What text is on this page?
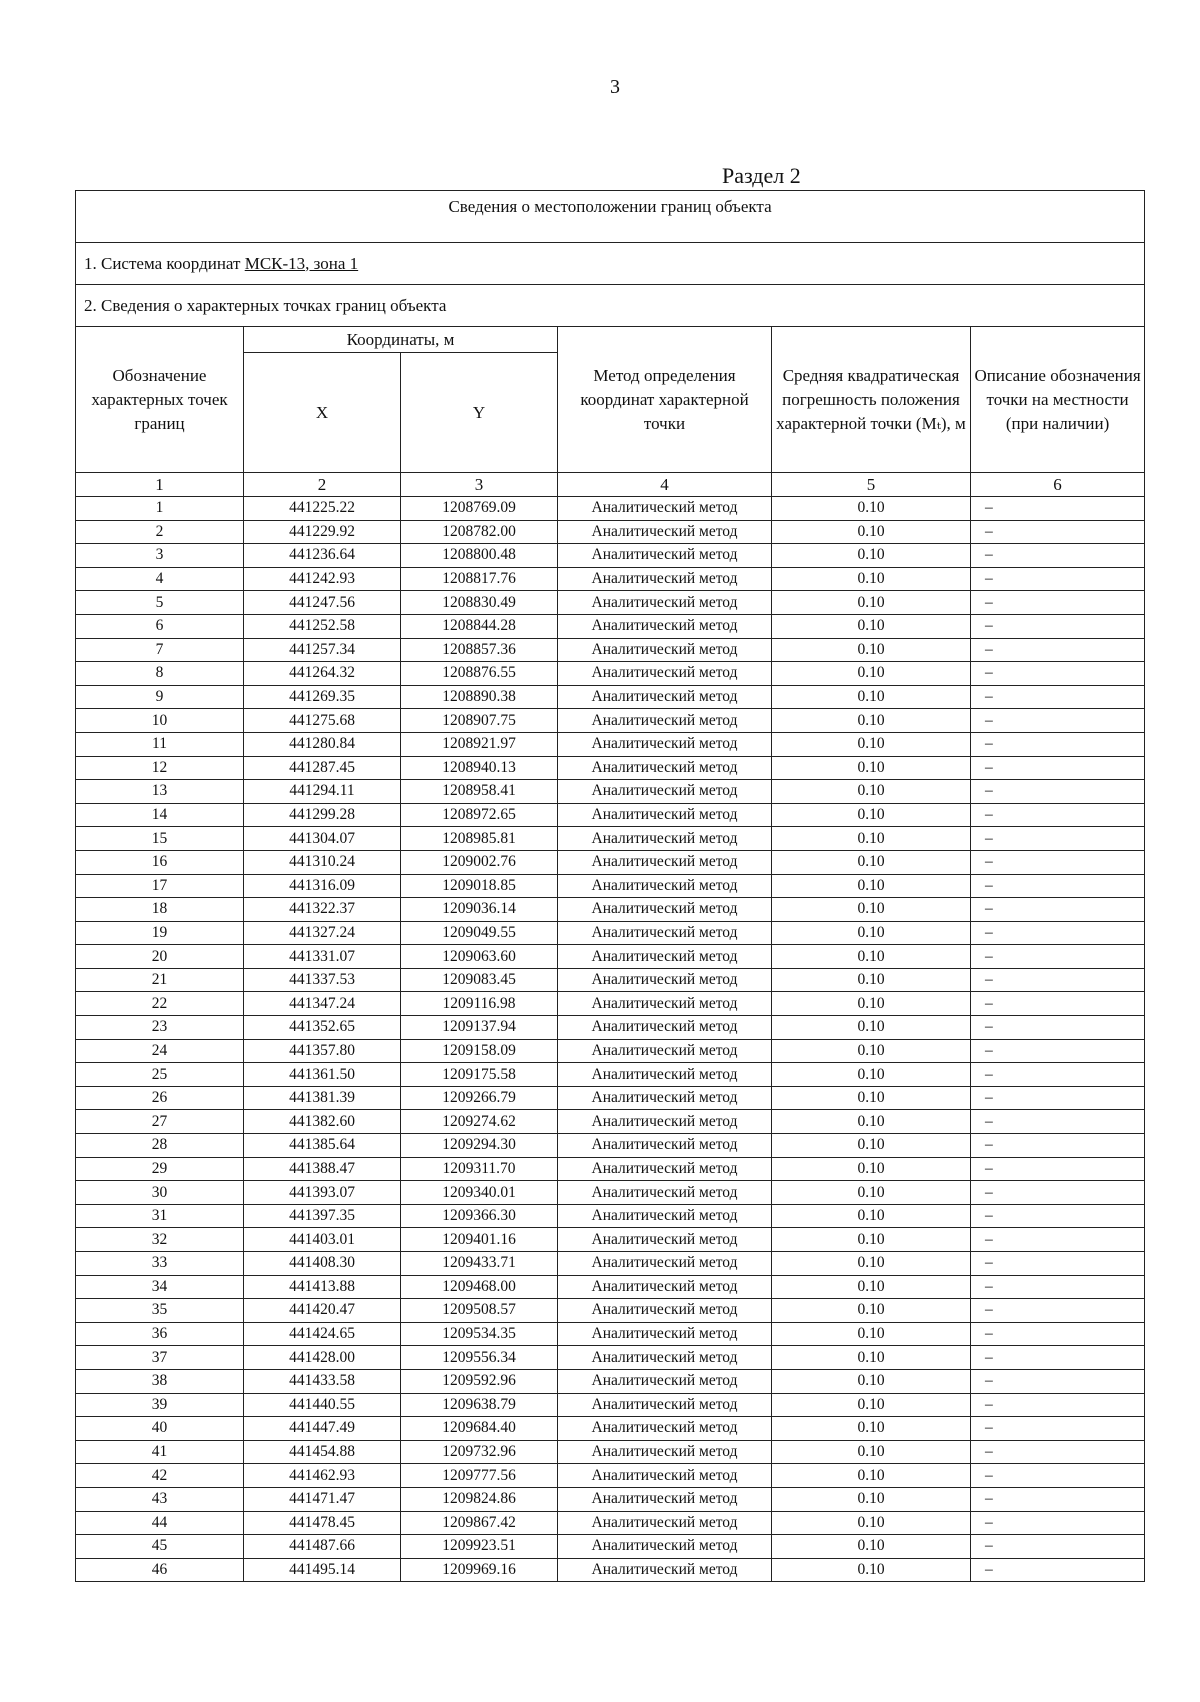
3
Раздел 2
Сведения о местоположении границ объекта					
1. Система координат МСК-13, зона 1					
2. Сведения о характерных точках границ объекта					
Обозначение характерных точек границ	Координаты, м		Метод определения координат характерной точки	Средняя квадратическая погрешность положения характерной точки (Mₜ), м	Описание обозначения точки на местности (при наличии)
	X	Y			
1	2	3	4	5	6
1	441225.22	1208769.09	Аналитический метод	0.10	–
2	441229.92	1208782.00	Аналитический метод	0.10	–
3	441236.64	1208800.48	Аналитический метод	0.10	–
4	441242.93	1208817.76	Аналитический метод	0.10	–
5	441247.56	1208830.49	Аналитический метод	0.10	–
6	441252.58	1208844.28	Аналитический метод	0.10	–
7	441257.34	1208857.36	Аналитический метод	0.10	–
8	441264.32	1208876.55	Аналитический метод	0.10	–
9	441269.35	1208890.38	Аналитический метод	0.10	–
10	441275.68	1208907.75	Аналитический метод	0.10	–
11	441280.84	1208921.97	Аналитический метод	0.10	–
12	441287.45	1208940.13	Аналитический метод	0.10	–
13	441294.11	1208958.41	Аналитический метод	0.10	–
14	441299.28	1208972.65	Аналитический метод	0.10	–
15	441304.07	1208985.81	Аналитический метод	0.10	–
16	441310.24	1209002.76	Аналитический метод	0.10	–
17	441316.09	1209018.85	Аналитический метод	0.10	–
18	441322.37	1209036.14	Аналитический метод	0.10	–
19	441327.24	1209049.55	Аналитический метод	0.10	–
20	441331.07	1209063.60	Аналитический метод	0.10	–
21	441337.53	1209083.45	Аналитический метод	0.10	–
22	441347.24	1209116.98	Аналитический метод	0.10	–
23	441352.65	1209137.94	Аналитический метод	0.10	–
24	441357.80	1209158.09	Аналитический метод	0.10	–
25	441361.50	1209175.58	Аналитический метод	0.10	–
26	441381.39	1209266.79	Аналитический метод	0.10	–
27	441382.60	1209274.62	Аналитический метод	0.10	–
28	441385.64	1209294.30	Аналитический метод	0.10	–
29	441388.47	1209311.70	Аналитический метод	0.10	–
30	441393.07	1209340.01	Аналитический метод	0.10	–
31	441397.35	1209366.30	Аналитический метод	0.10	–
32	441403.01	1209401.16	Аналитический метод	0.10	–
33	441408.30	1209433.71	Аналитический метод	0.10	–
34	441413.88	1209468.00	Аналитический метод	0.10	–
35	441420.47	1209508.57	Аналитический метод	0.10	–
36	441424.65	1209534.35	Аналитический метод	0.10	–
37	441428.00	1209556.34	Аналитический метод	0.10	–
38	441433.58	1209592.96	Аналитический метод	0.10	–
39	441440.55	1209638.79	Аналитический метод	0.10	–
40	441447.49	1209684.40	Аналитический метод	0.10	–
41	441454.88	1209732.96	Аналитический метод	0.10	–
42	441462.93	1209777.56	Аналитический метод	0.10	–
43	441471.47	1209824.86	Аналитический метод	0.10	–
44	441478.45	1209867.42	Аналитический метод	0.10	–
45	441487.66	1209923.51	Аналитический метод	0.10	–
46	441495.14	1209969.16	Аналитический метод	0.10	–
